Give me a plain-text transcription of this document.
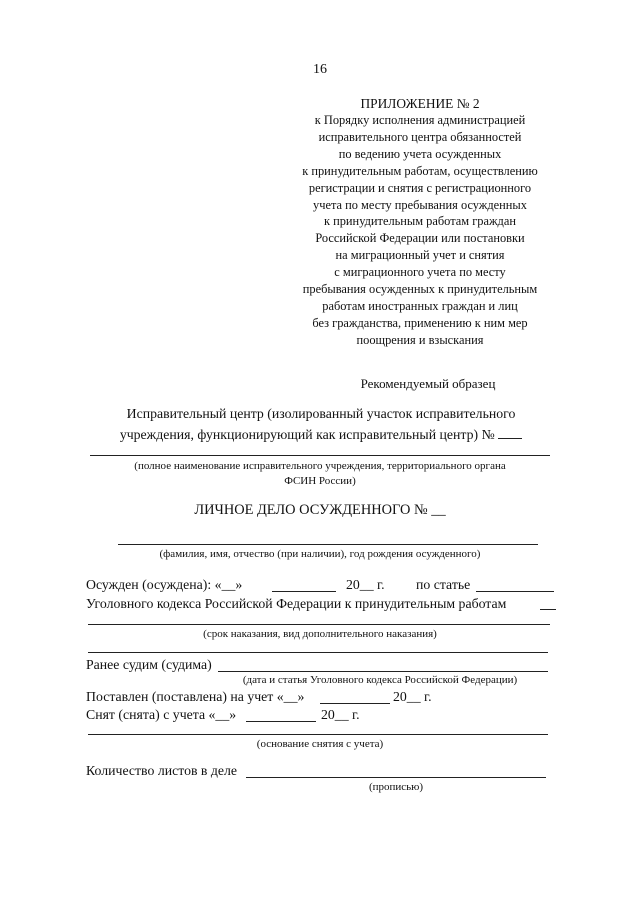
16
ПРИЛОЖЕНИЕ № 2
к Порядку исполнения администрацией
исправительного центра обязанностей
по ведению учета осужденных
к принудительным работам, осуществлению
регистрации и снятия с регистрационного
учета по месту пребывания осужденных
к принудительным работам граждан
Российской Федерации или постановки
на миграционный учет и снятия
с миграционного учета по месту
пребывания осужденных к принудительным
работам иностранных граждан и лиц
без гражданства, применению к ним мер
поощрения и взыскания
Рекомендуемый образец
Исправительный центр (изолированный участок исправительного
учреждения, функционирующий как исправительный центр) №
(полное наименование исправительного учреждения, территориального органа
ФСИН России)
ЛИЧНОЕ ДЕЛО ОСУЖДЕННОГО № __
(фамилия, имя, отчество (при наличии), год рождения осужденного)
Осужден (осуждена): «__»	20__ г. по статье
Уголовного кодекса Российской Федерации к принудительным работам
(срок наказания, вид дополнительного наказания)
Ранее судим (судима)
(дата и статья Уголовного кодекса Российской Федерации)
Поставлен (поставлена) на учет «__»	20__ г.
Снят (снята) с учета «__»	20__ г.
(основание снятия с учета)
Количество листов в деле
(прописью)
